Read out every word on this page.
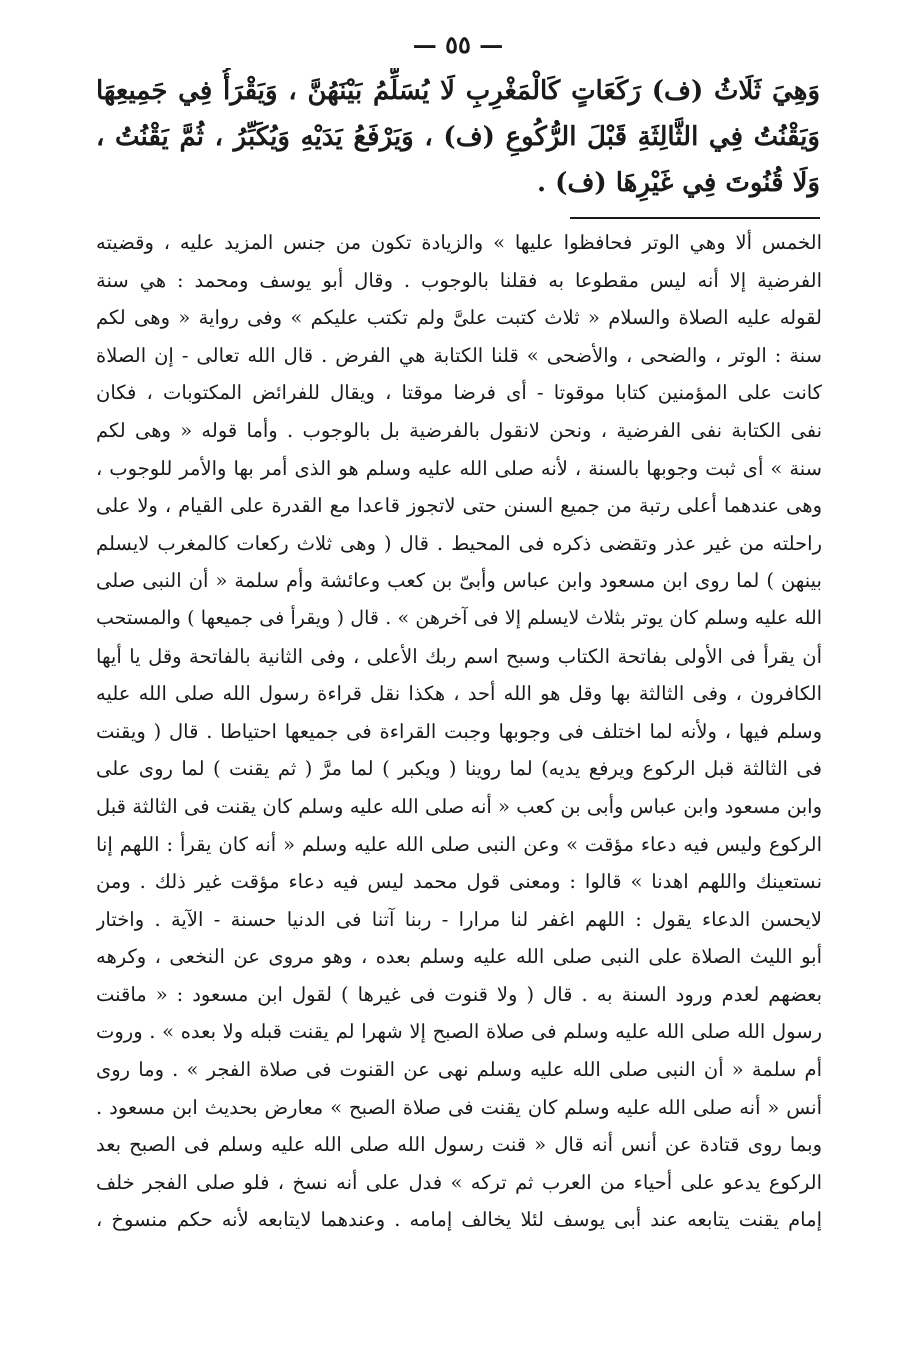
— ٥٥ —
وَهِيَ ثَلَاثُ (ف) رَكَعَاتٍ كَالْمَغْرِبِ لَا يُسَلِّمُ بَيْنَهُنَّ ، وَيَقْرَأُ فِي جَمِيعِهَا
وَيَقْنُتُ فِي الثَّالِثَةِ قَبْلَ الرُّكُوعِ (ف) ، وَيَرْفَعُ يَدَيْهِ وَيُكَبِّرُ ، ثُمَّ يَقْنُتُ ،
وَلَا قُنُوتَ فِي غَيْرِهَا (ف) .
الخمس ألا وهي الوتر فحافظوا عليها » والزيادة تكون من جنس المزيد عليه ، وقضيته
الفرضية إلا أنه ليس مقطوعا به فقلنا بالوجوب . وقال أبو يوسف ومحمد : هي سنة
لقوله عليه الصلاة والسلام « ثلاث كتبت علىَّ ولم تكتب عليكم » وفى رواية « وهى لكم
سنة : الوتر ، والضحى ، والأضحى » قلنا الكتابة هي الفرض . قال الله تعالى - إن الصلاة
كانت على المؤمنين كتابا موقوتا - أى فرضا موقتا ، ويقال للفرائض المكتوبات ، فكان
نفى الكتابة نفى الفرضية ، ونحن لانقول بالفرضية بل بالوجوب . وأما قوله « وهى لكم
سنة » أى ثبت وجوبها بالسنة ، لأنه صلى الله عليه وسلم هو الذى أمر بها والأمر للوجوب ،
وهى عندهما أعلى رتبة من جميع السنن حتى لاتجوز قاعدا مع القدرة على القيام ، ولا على
راحلته من غير عذر وتقضى ذكره فى المحيط . قال ( وهى ثلاث ركعات كالمغرب لايسلم
بينهن ) لما روى ابن مسعود وابن عباس وأبىّ بن كعب وعائشة وأم سلمة « أن النبى صلى
الله عليه وسلم كان يوتر بثلاث لايسلم إلا فى آخرهن » . قال ( ويقرأ فى جميعها ) والمستحب
أن يقرأ فى الأولى بفاتحة الكتاب وسبح اسم ربك الأعلى ، وفى الثانية بالفاتحة وقل يا أيها
الكافرون ، وفى الثالثة بها وقل هو الله أحد ، هكذا نقل قراءة رسول الله صلى الله عليه
وسلم فيها ، ولأنه لما اختلف فى وجوبها وجبت القراءة فى جميعها احتياطا . قال ( ويقنت
فى الثالثة قبل الركوع ويرفع يديه) لما روينا ( ويكبر ) لما مرَّ ( ثم يقنت ) لما روى على
وابن مسعود وابن عباس وأبى بن كعب « أنه صلى الله عليه وسلم كان يقنت فى الثالثة قبل
الركوع وليس فيه دعاء مؤقت » وعن النبى صلى الله عليه وسلم « أنه كان يقرأ : اللهم إنا
نستعينك واللهم اهدنا » قالوا : ومعنى قول محمد ليس فيه دعاء مؤقت غير ذلك . ومن
لايحسن الدعاء يقول : اللهم اغفر لنا مرارا - ربنا آتنا فى الدنيا حسنة - الآية . واختار
أبو الليث الصلاة على النبى صلى الله عليه وسلم بعده ، وهو مروى عن النخعى ، وكرهه
بعضهم لعدم ورود السنة به . قال ( ولا قنوت فى غيرها ) لقول ابن مسعود : « ماقنت
رسول الله صلى الله عليه وسلم فى صلاة الصبح إلا شهرا لم يقنت قبله ولا بعده » . وروت
أم سلمة « أن النبى صلى الله عليه وسلم نهى عن القنوت فى صلاة الفجر » . وما روى
أنس « أنه صلى الله عليه وسلم كان يقنت فى صلاة الصبح » معارض بحديث ابن مسعود .
وبما روى قتادة عن أنس أنه قال « قنت رسول الله صلى الله عليه وسلم فى الصبح بعد
الركوع يدعو على أحياء من العرب ثم تركه » فدل على أنه نسخ ، فلو صلى الفجر خلف
إمام يقنت يتابعه عند أبى يوسف لئلا يخالف إمامه . وعندهما لايتابعه لأنه حكم منسوخ ،
